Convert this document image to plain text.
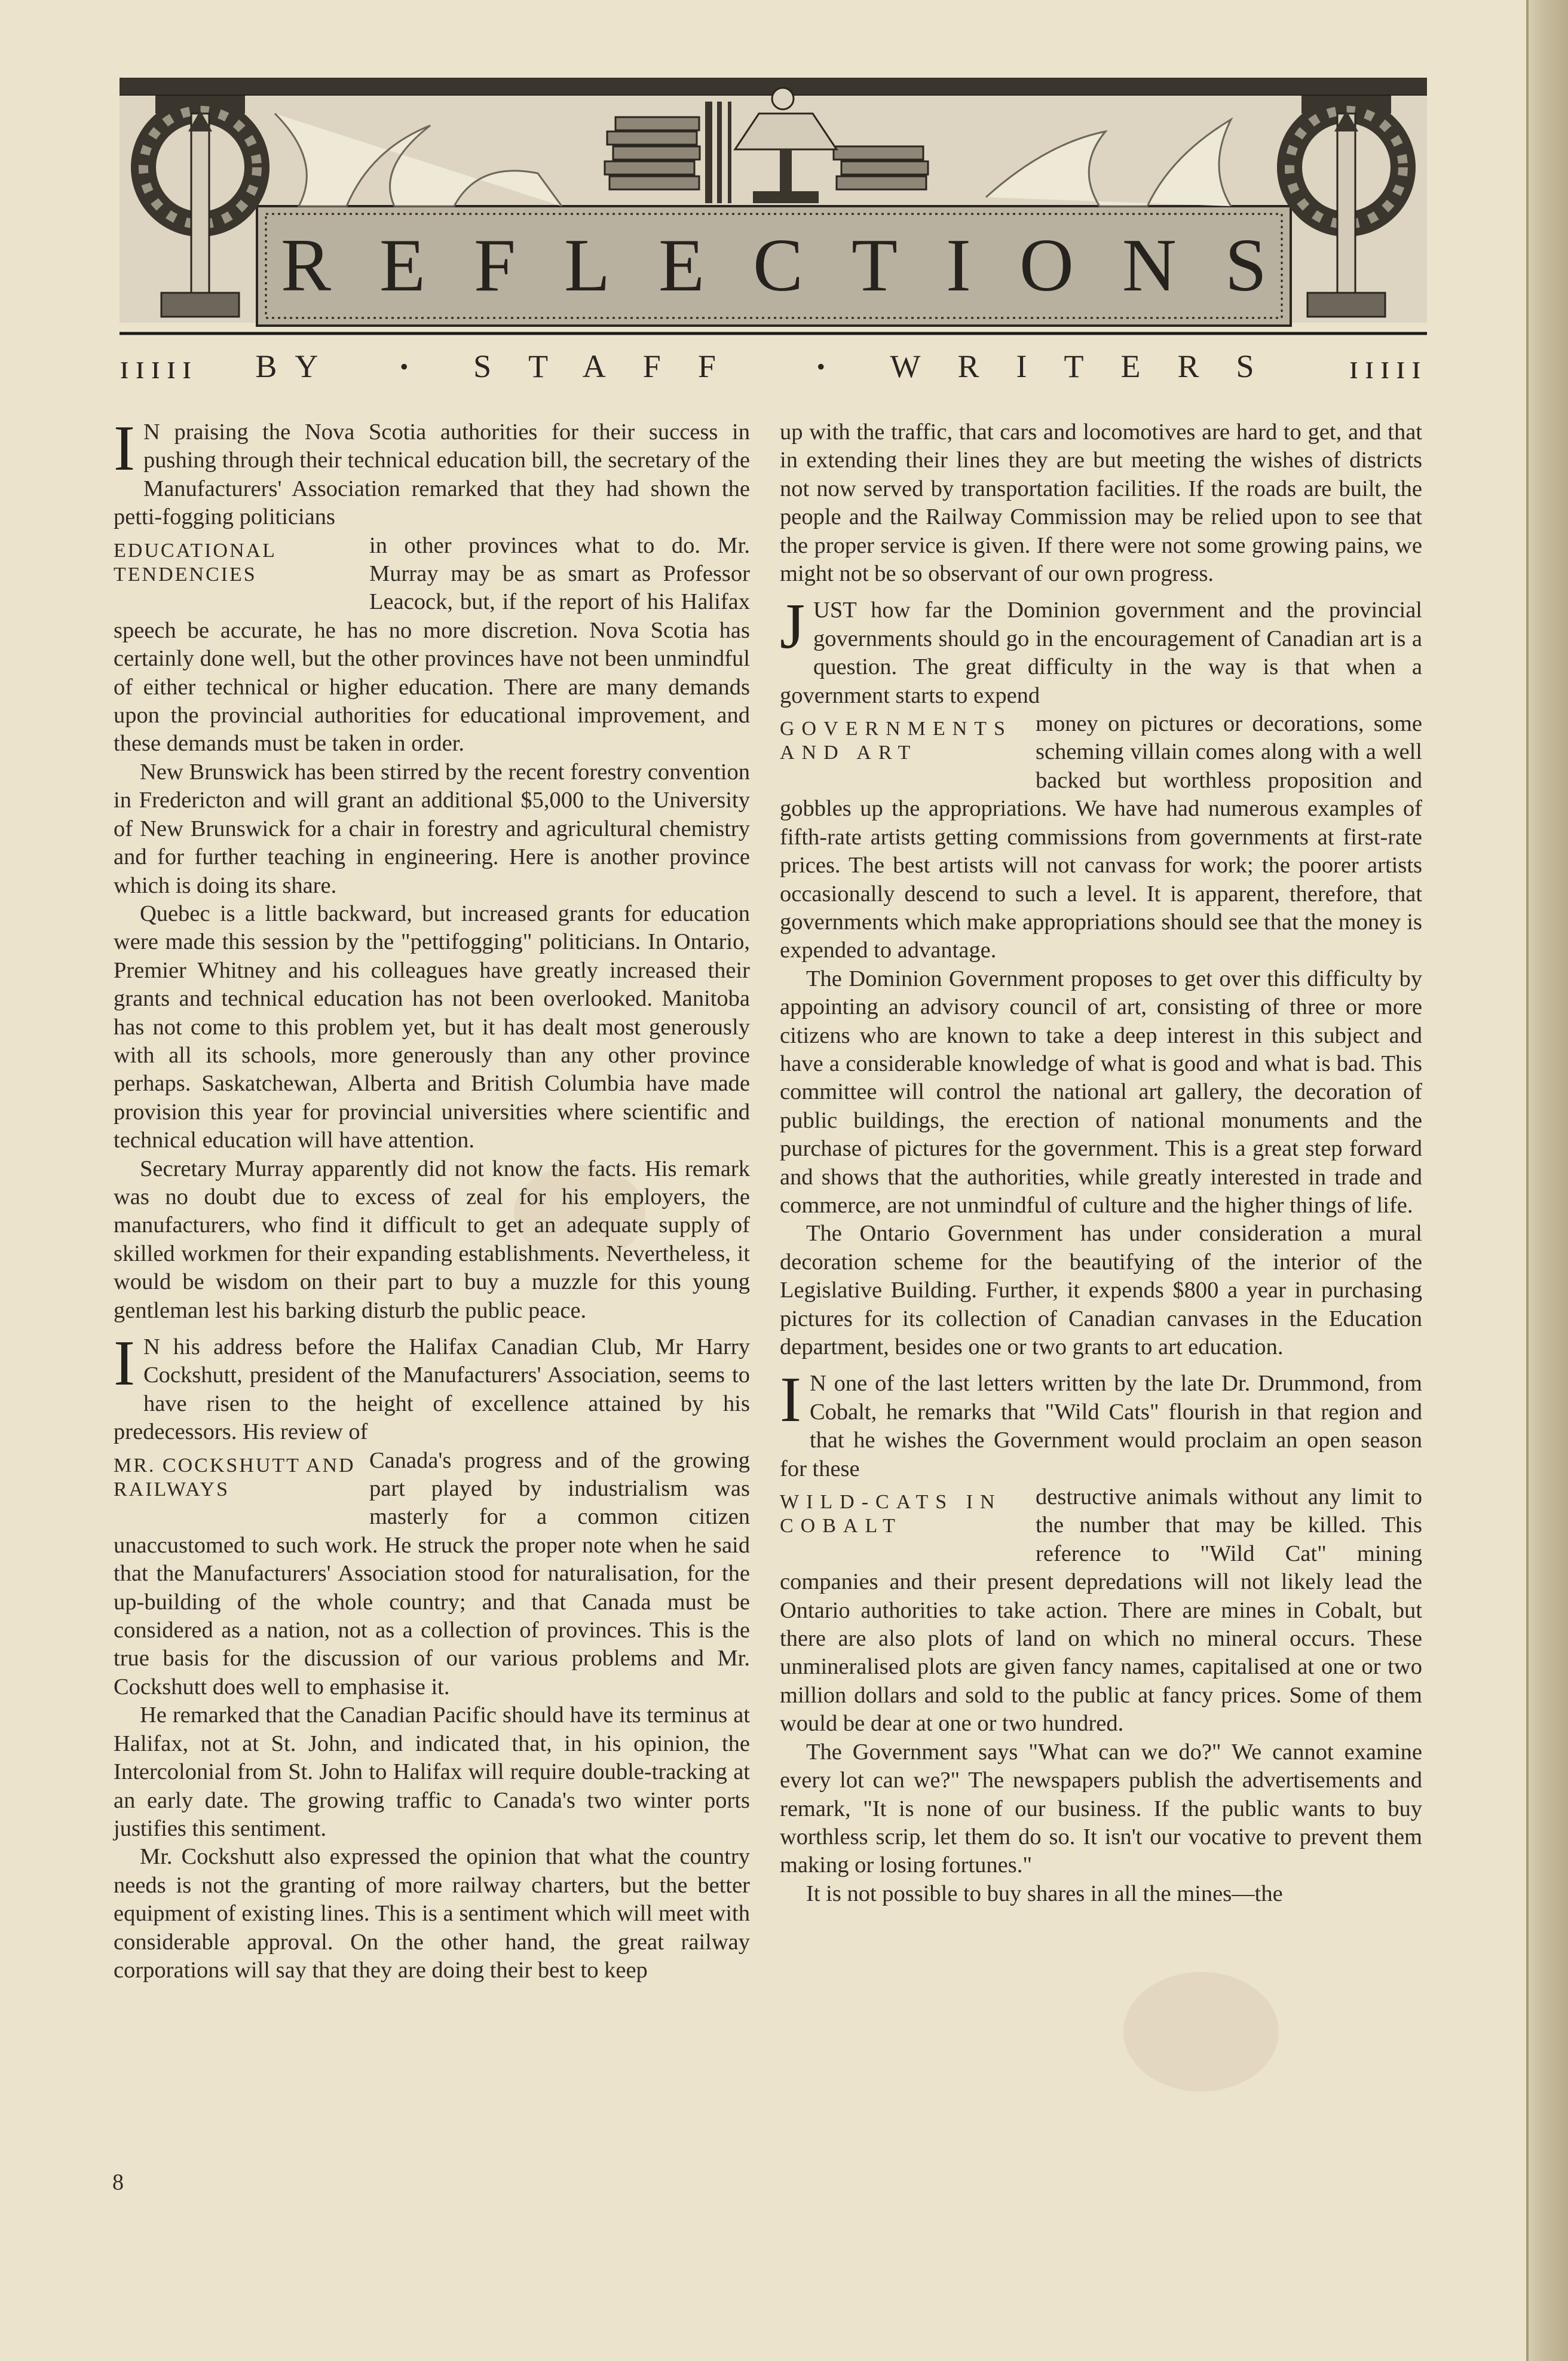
R E F L E C T I O N S
ɪɪɪɪɪ BY	• STAFF	• WRITERS ɪɪɪɪɪ

I N praising the Nova Scotia authorities for their success in pushing through their technical education bill, the secretary of the Manufacturers' Association remarked that they had shown the petti-fogging politicians

EDUCATIONAL TENDENCIES

in other provinces what to do. Mr. Murray may be as smart as Professor Leacock, but, if the report of his Halifax speech be accurate, he has no more discretion. Nova Scotia has certainly done well, but the other provinces have not been unmindful of either technical or higher education. There are many demands upon the provincial authorities for educational improvement, and these demands must be taken in order.

New Brunswick has been stirred by the recent forestry convention in Fredericton and will grant an additional $5,000 to the University of New Brunswick for a chair in forestry and agricultural chemistry and for further teaching in engineering. Here is another province which is doing its share.

Quebec is a little backward, but increased grants for education were made this session by the "pettifogging" politicians. In Ontario, Premier Whitney and his colleagues have greatly increased their grants and technical education has not been overlooked. Manitoba has not come to this problem yet, but it has dealt most generously with all its schools, more generously than any other province perhaps. Saskatchewan, Alberta and British Columbia have made provision this year for provincial universities where scientific and technical education will have attention.

Secretary Murray apparently did not know the facts. His remark was no doubt due to excess of zeal for his employers, the manufacturers, who find it difficult to get an adequate supply of skilled workmen for their expanding establishments. Nevertheless, it would be wisdom on their part to buy a muzzle for this young gentleman lest his barking disturb the public peace.

I N his address before the Halifax Canadian Club, Mr Harry Cockshutt, president of the Manufacturers' Association, seems to have risen to the height of excellence attained by his predecessors. His review of

MR. COCKSHUTT AND RAILWAYS

Canada's progress and of the growing part played by industrialism was masterly for a common citizen unaccustomed to such work. He struck the proper note when he said that the Manufacturers' Association stood for naturalisation, for the up-building of the whole country; and that Canada must be considered as a nation, not as a collection of provinces. This is the true basis for the discussion of our various problems and Mr. Cockshutt does well to emphasise it.

He remarked that the Canadian Pacific should have its terminus at Halifax, not at St. John, and indicated that, in his opinion, the Intercolonial from St. John to Halifax will require double-tracking at an early date. The growing traffic to Canada's two winter ports justifies this sentiment.

Mr. Cockshutt also expressed the opinion that what the country needs is not the granting of more railway charters, but the better equipment of existing lines. This is a sentiment which will meet with considerable approval. On the other hand, the great railway corporations will say that they are doing their best to keep

up with the traffic, that cars and locomotives are hard to get, and that in extending their lines they are but meeting the wishes of districts not now served by transportation facilities. If the roads are built, the people and the Railway Commission may be relied upon to see that the proper service is given. If there were not some growing pains, we might not be so observant of our own progress.

JUST how far the Dominion government and the provincial governments should go in the encouragement of Canadian art is a question. The great difficulty in the way is that when a government starts to expend

GOVERNMENTS AND ART

money on pictures or decorations, some scheming villain comes along with a well backed but worthless proposition and gobbles up the appropriations. We have had numerous examples of fifth-rate artists getting commissions from governments at first-rate prices. The best artists will not canvass for work; the poorer artists occasionally descend to such a level. It is apparent, therefore, that governments which make appropriations should see that the money is expended to advantage.

The Dominion Government proposes to get over this difficulty by appointing an advisory council of art, consisting of three or more citizens who are known to take a deep interest in this subject and have a considerable knowledge of what is good and what is bad. This committee will control the national art gallery, the decoration of public buildings, the erection of national monuments and the purchase of pictures for the government. This is a great step forward and shows that the authorities, while greatly interested in trade and commerce, are not unmindful of culture and the higher things of life.

The Ontario Government has under consideration a mural decoration scheme for the beautifying of the interior of the Legislative Building. Further, it expends $800 a year in purchasing pictures for its collection of Canadian canvases in the Education department, besides one or two grants to art education.

I N one of the last letters written by the late Dr. Drummond, from Cobalt, he remarks that "Wild Cats" flourish in that region and that he wishes the Government would proclaim an open season for these

WILD-CATS IN COBALT

destructive animals without any limit to the number that may be killed. This reference to "Wild Cat" mining companies and their present depredations will not likely lead the Ontario authorities to take action. There are mines in Cobalt, but there are also plots of land on which no mineral occurs. These unmineralised plots are given fancy names, capitalised at one or two million dollars and sold to the public at fancy prices. Some of them would be dear at one or two hundred.

The Government says "What can we do?" We cannot examine every lot can we?" The newspapers publish the advertisements and remark, "It is none of our business. If the public wants to buy worthless scrip, let them do so. It isn't our vocative to prevent them making or losing fortunes."

It is not possible to buy shares in all the mines—the

8
